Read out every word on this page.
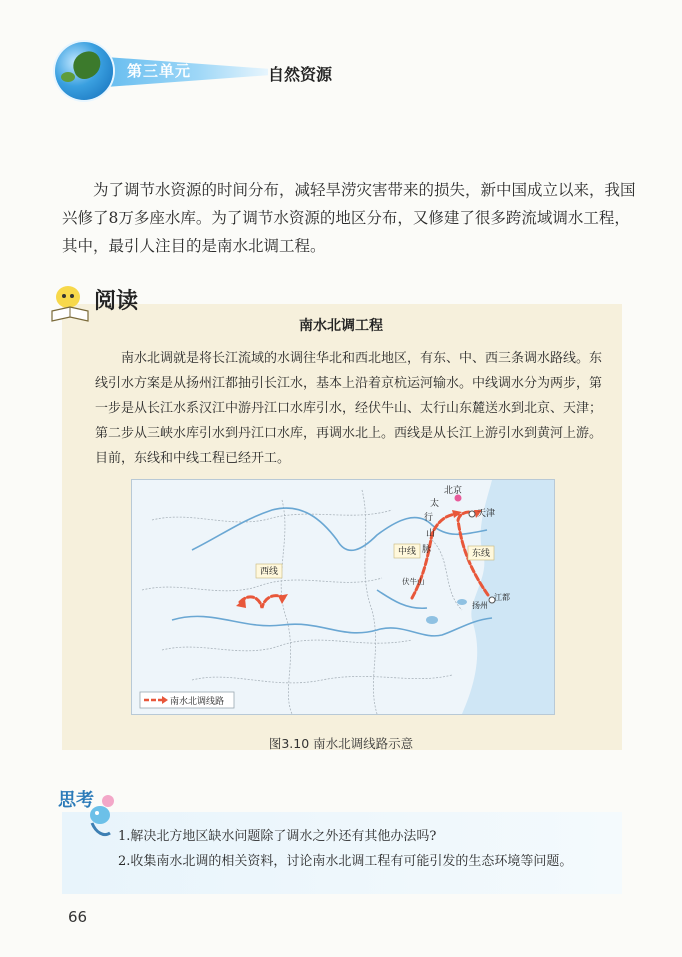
第三单元	自然资源

为了调节水资源的时间分布，减轻旱涝灾害带来的损失，新中国成立以来，我国兴修了8万多座水库。为了调节水资源的地区分布，又修建了很多跨流域调水工程，其中，最引人注目的是南水北调工程。

阅读
南水北调工程

南水北调就是将长江流域的水调往华北和西北地区，有东、中、西三条调水路线。东线引水方案是从扬州江都抽引长江水，基本上沿着京杭运河输水。中线调水分为两步，第一步是从长江水系汉江中游丹江口水库引水，经伏牛山、太行山东麓送水到北京、天津；第二步从三峡水库引水到丹江口水库，再调水北上。西线是从长江上游引水到黄河上游。目前，东线和中线工程已经开工。

北京
天津
太
行
山
脉
伏牛山
扬州
江都
西线
中线	东线
南水北调线路
图3.10 南水北调线路示意
思考
1.解决北方地区缺水问题除了调水之外还有其他办法吗?
2.收集南水北调的相关资料，讨论南水北调工程有可能引发的生态环境等问题。
66
